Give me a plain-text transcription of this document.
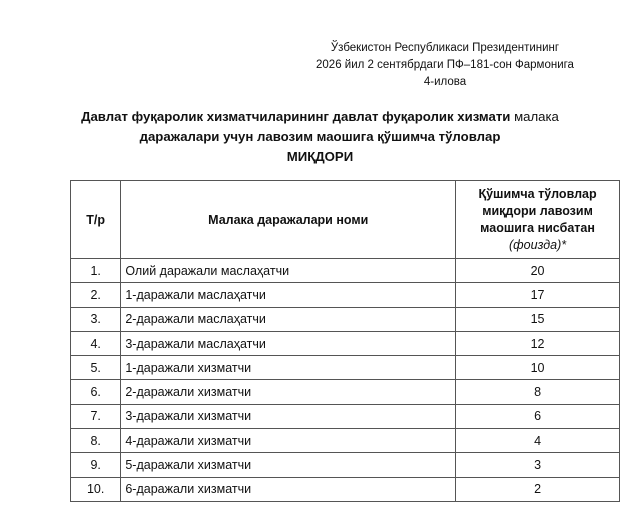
Ўзбекистон Республикаси Президентининг
2026 йил 2 сентябрдаги ПФ–181-сон Фармонига
4-илова
Давлат фуқаролик хизматчиларининг давлат фуқаролик хизмати малака
даражалари учун лавозим маошига қўшимча тўловлар
МИҚДОРИ
Т/р	Малака даражалари номи	Қўшимча тўловлар
миқдори лавозим
маошига нисбатан
(фоизда)*

1.	Олий даражали маслаҳатчи	20
2.	1-даражали маслаҳатчи	17
3.	2-даражали маслаҳатчи	15
4.	3-даражали маслаҳатчи	12
5.	1-даражали хизматчи	10
6.	2-даражали хизматчи	8
7.	3-даражали хизматчи	6
8.	4-даражали хизматчи	4
9.	5-даражали хизматчи	3
10.	6-даражали хизматчи	2
